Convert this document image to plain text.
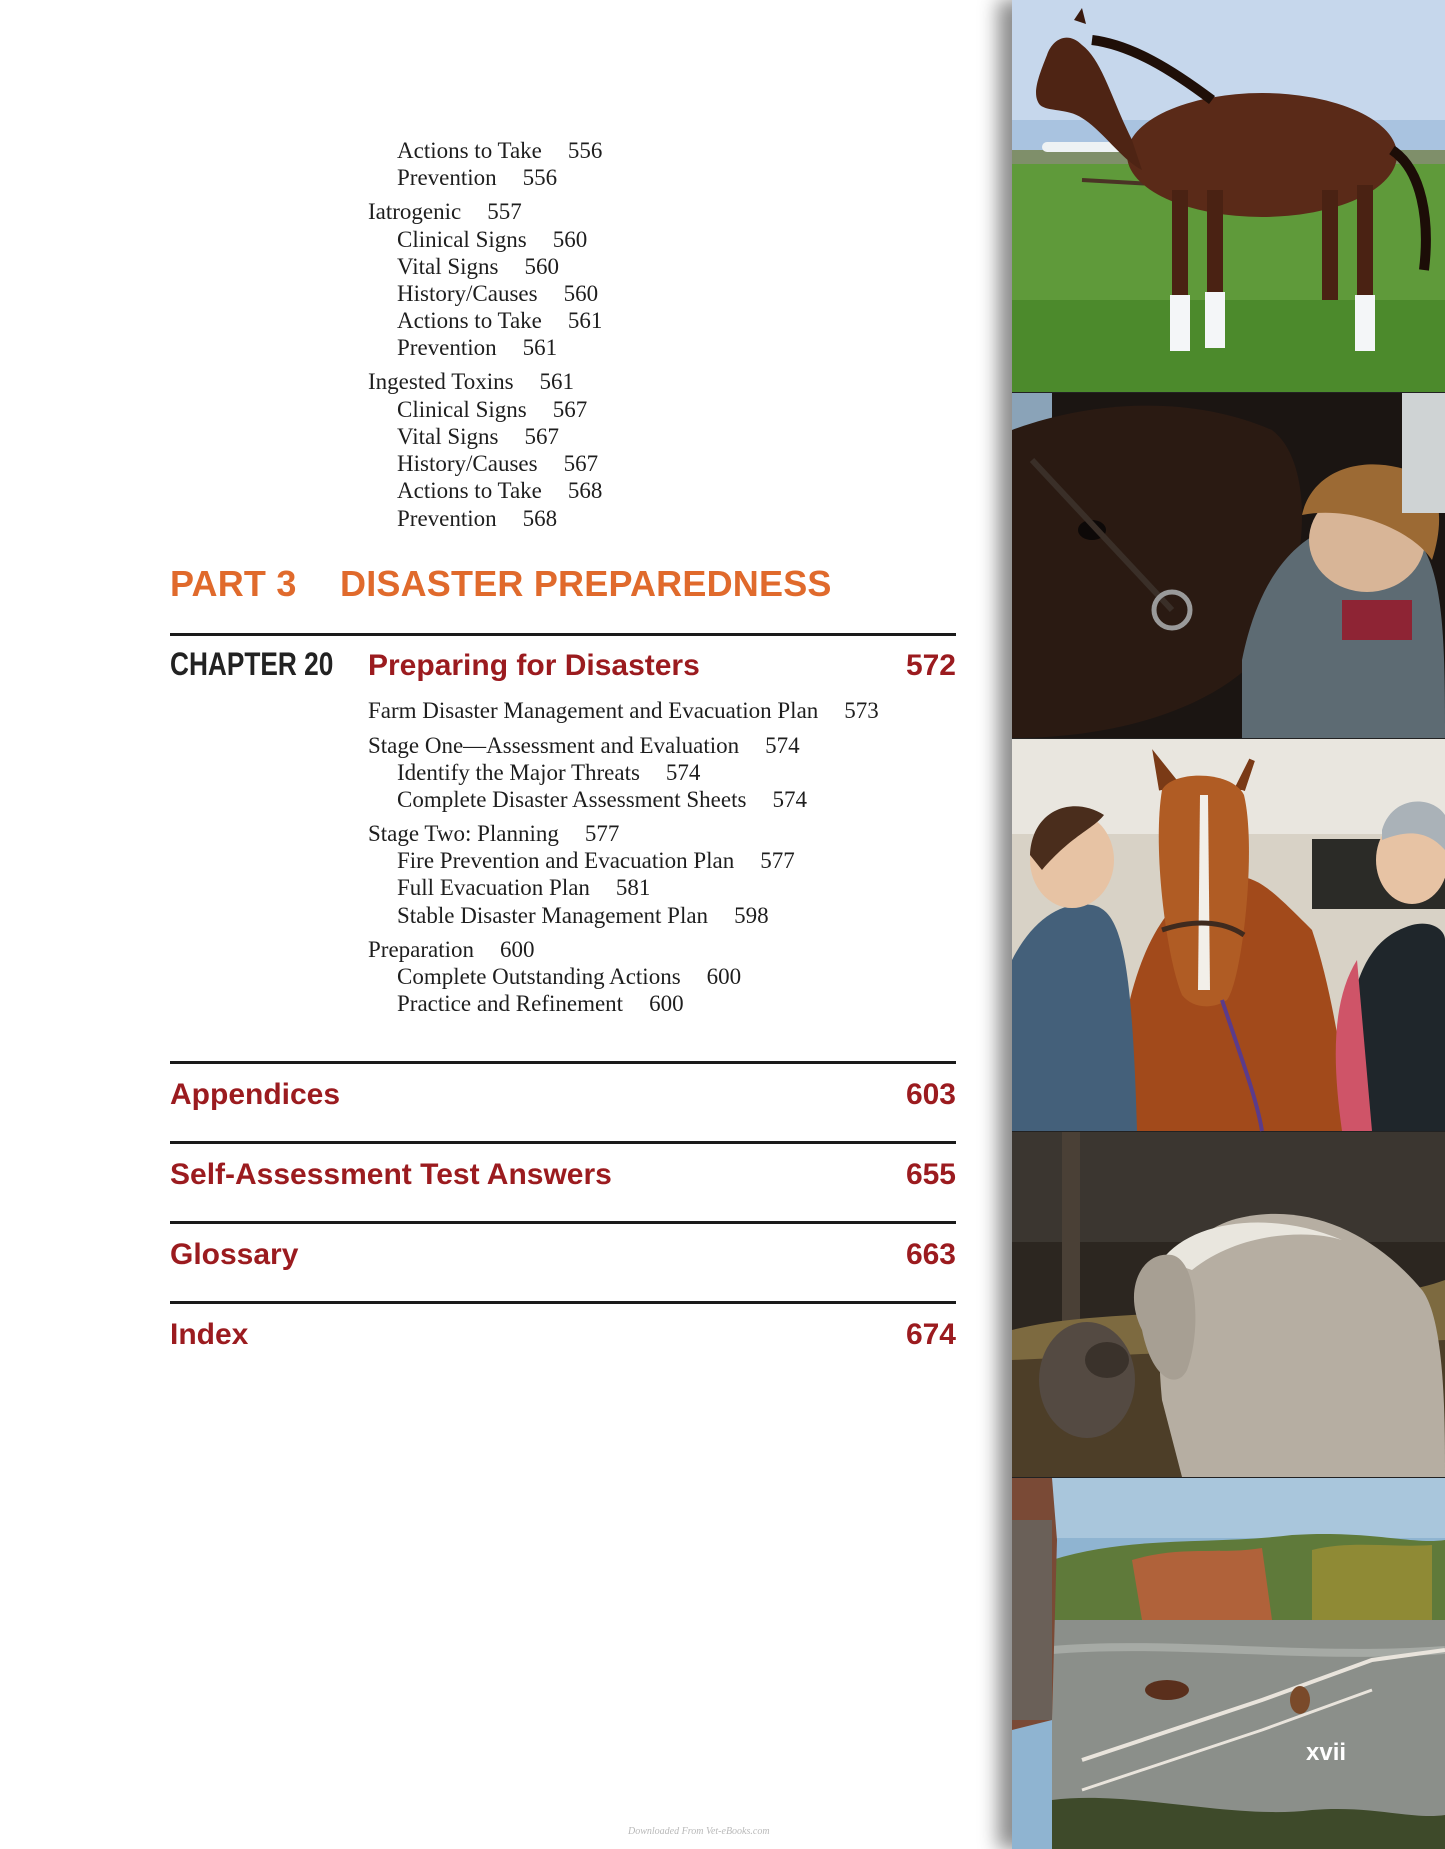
Actions to Take 556
Prevention 556
Iatrogenic 557
Clinical Signs 560
Vital Signs 560
History/Causes 560
Actions to Take 561
Prevention 561
Ingested Toxins 561
Clinical Signs 567
Vital Signs 567
History/Causes 567
Actions to Take 568
Prevention 568
PART 3 DISASTER PREPAREDNESS
CHAPTER 20 Preparing for Disasters	572
Farm Disaster Management and Evacuation Plan 573
Stage One—Assessment and Evaluation 574
Identify the Major Threats 574
Complete Disaster Assessment Sheets 574
Stage Two: Planning 577
Fire Prevention and Evacuation Plan 577
Full Evacuation Plan 581
Stable Disaster Management Plan 598
Preparation 600
Complete Outstanding Actions 600
Practice and Refinement 600
Appendices	603
Self-Assessment Test Answers	655
Glossary	663
Index	674
xvii
Downloaded From Vet-eBooks.com
